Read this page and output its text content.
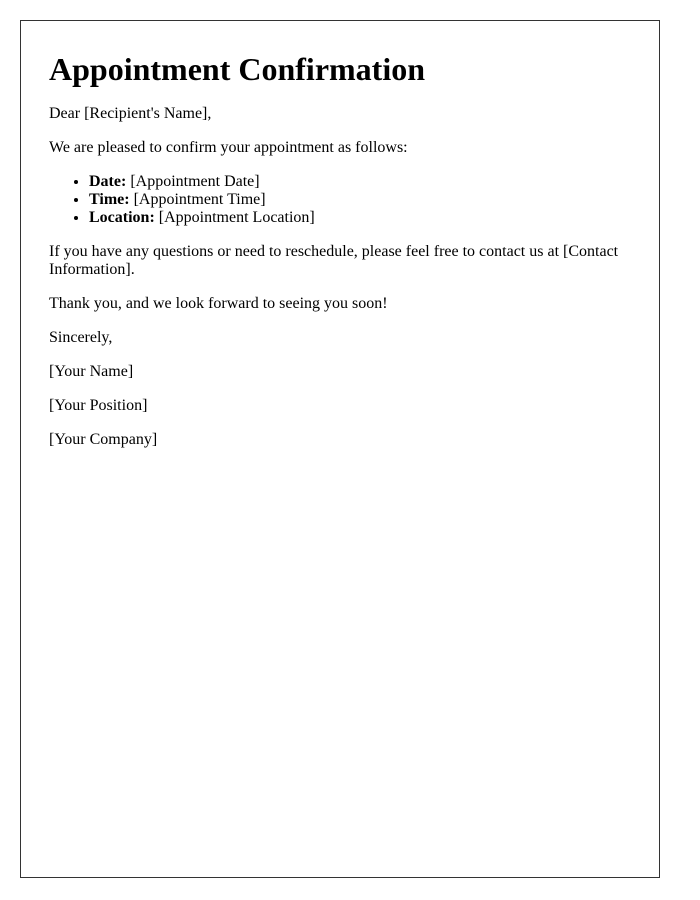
Appointment Confirmation

Dear [Recipient's Name],

We are pleased to confirm your appointment as follows:

• Date: [Appointment Date]
• Time: [Appointment Time]
• Location: [Appointment Location]

If you have any questions or need to reschedule, please feel free to contact us at [Contact Information].

Thank you, and we look forward to seeing you soon!

Sincerely,

[Your Name]

[Your Position]

[Your Company]
